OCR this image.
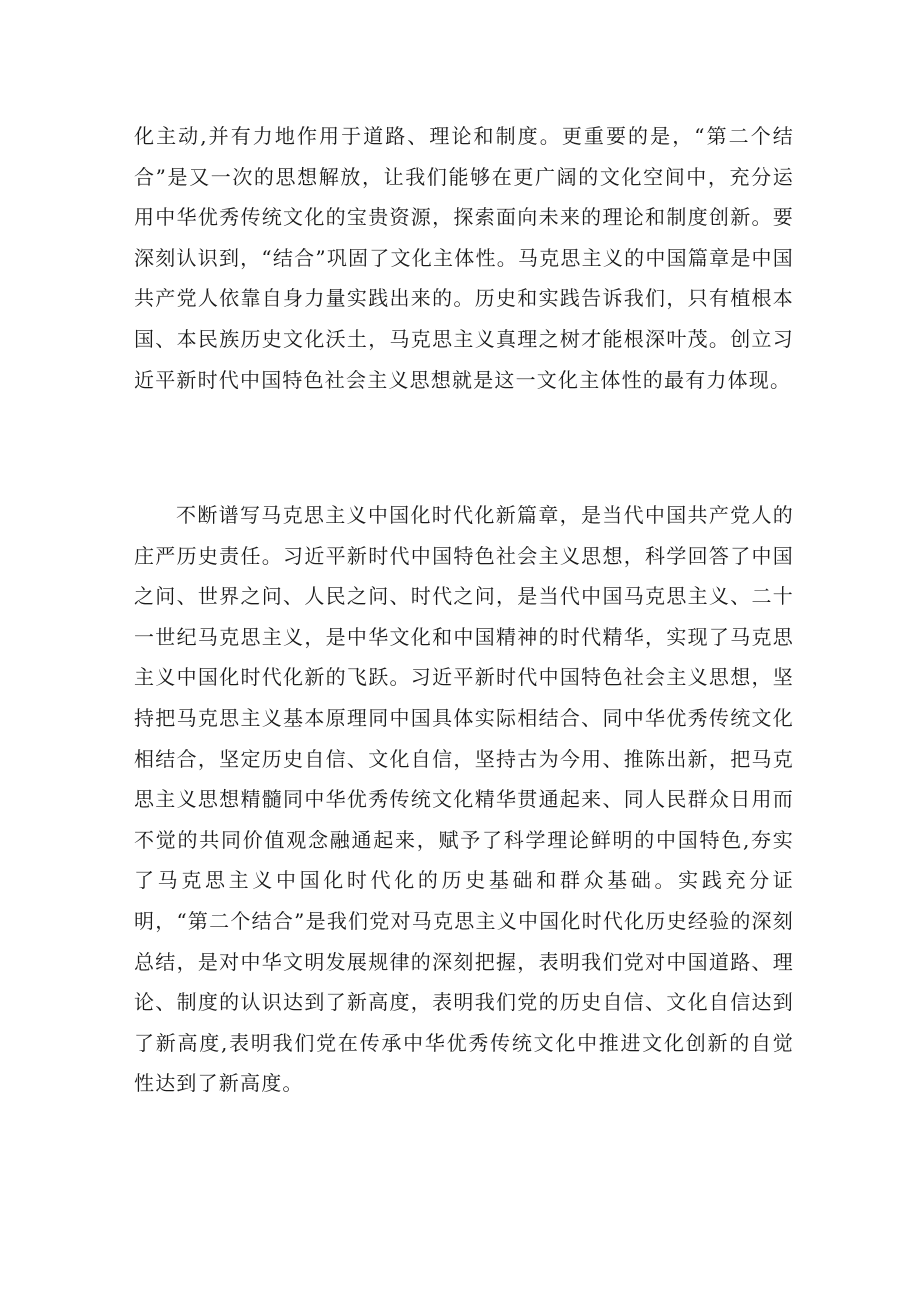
化主动,并有力地作用于道路、理论和制度。更重要的是，“第二个结合”是又一次的思想解放，让我们能够在更广阔的文化空间中，充分运用中华优秀传统文化的宝贵资源，探索面向未来的理论和制度创新。要深刻认识到，“结合”巩固了文化主体性。马克思主义的中国篇章是中国共产党人依靠自身力量实践出来的。历史和实践告诉我们，只有植根本国、本民族历史文化沃土，马克思主义真理之树才能根深叶茂。创立习近平新时代中国特色社会主义思想就是这一文化主体性的最有力体现。

不断谱写马克思主义中国化时代化新篇章，是当代中国共产党人的庄严历史责任。习近平新时代中国特色社会主义思想，科学回答了中国之问、世界之问、人民之问、时代之问，是当代中国马克思主义、二十一世纪马克思主义，是中华文化和中国精神的时代精华，实现了马克思主义中国化时代化新的飞跃。习近平新时代中国特色社会主义思想，坚持把马克思主义基本原理同中国具体实际相结合、同中华优秀传统文化相结合，坚定历史自信、文化自信，坚持古为今用、推陈出新，把马克思主义思想精髓同中华优秀传统文化精华贯通起来、同人民群众日用而不觉的共同价值观念融通起来，赋予了科学理论鲜明的中国特色,夯实了马克思主义中国化时代化的历史基础和群众基础。实践充分证明，“第二个结合”是我们党对马克思主义中国化时代化历史经验的深刻总结，是对中华文明发展规律的深刻把握，表明我们党对中国道路、理论、制度的认识达到了新高度，表明我们党的历史自信、文化自信达到了新高度,表明我们党在传承中华优秀传统文化中推进文化创新的自觉性达到了新高度。
